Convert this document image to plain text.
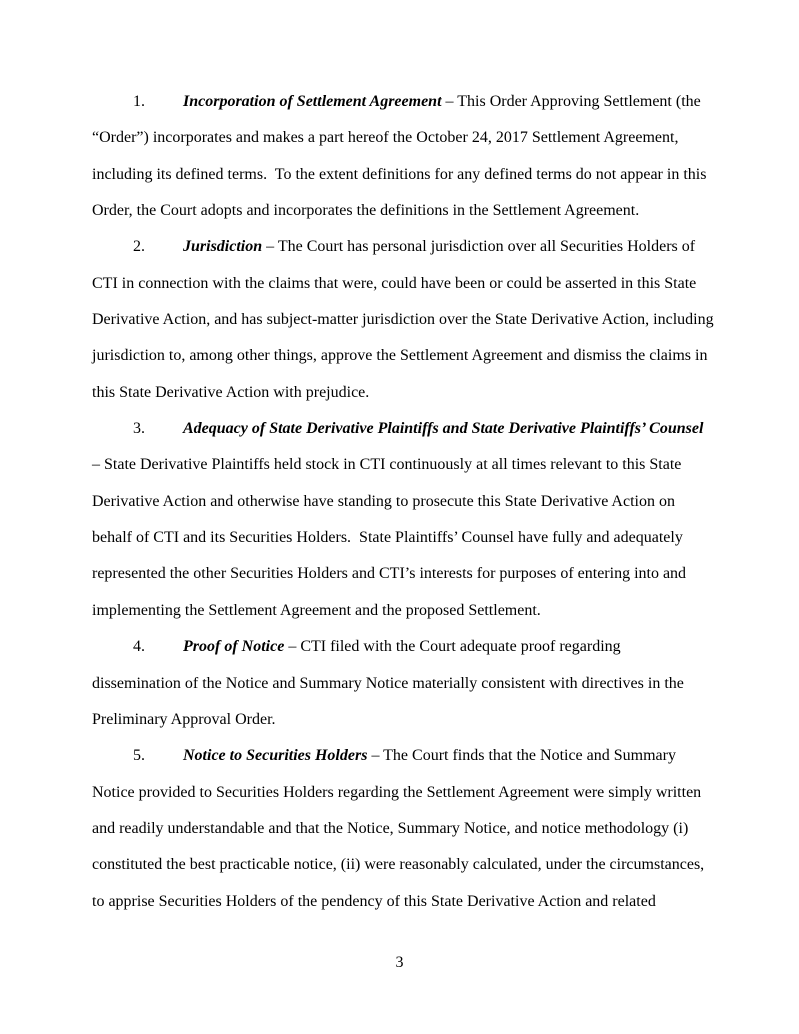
1. Incorporation of Settlement Agreement – This Order Approving Settlement (the
“Order”) incorporates and makes a part hereof the October 24, 2017 Settlement Agreement,
including its defined terms.  To the extent definitions for any defined terms do not appear in this
Order, the Court adopts and incorporates the definitions in the Settlement Agreement.
2. Jurisdiction – The Court has personal jurisdiction over all Securities Holders of
CTI in connection with the claims that were, could have been or could be asserted in this State
Derivative Action, and has subject-matter jurisdiction over the State Derivative Action, including
jurisdiction to, among other things, approve the Settlement Agreement and dismiss the claims in
this State Derivative Action with prejudice.
3. Adequacy of State Derivative Plaintiffs and State Derivative Plaintiffs’ Counsel
– State Derivative Plaintiffs held stock in CTI continuously at all times relevant to this State
Derivative Action and otherwise have standing to prosecute this State Derivative Action on
behalf of CTI and its Securities Holders.  State Plaintiffs’ Counsel have fully and adequately
represented the other Securities Holders and CTI’s interests for purposes of entering into and
implementing the Settlement Agreement and the proposed Settlement.
4. Proof of Notice – CTI filed with the Court adequate proof regarding
dissemination of the Notice and Summary Notice materially consistent with directives in the
Preliminary Approval Order.
5. Notice to Securities Holders – The Court finds that the Notice and Summary
Notice provided to Securities Holders regarding the Settlement Agreement were simply written
and readily understandable and that the Notice, Summary Notice, and notice methodology (i)
constituted the best practicable notice, (ii) were reasonably calculated, under the circumstances,
to apprise Securities Holders of the pendency of this State Derivative Action and related
3
